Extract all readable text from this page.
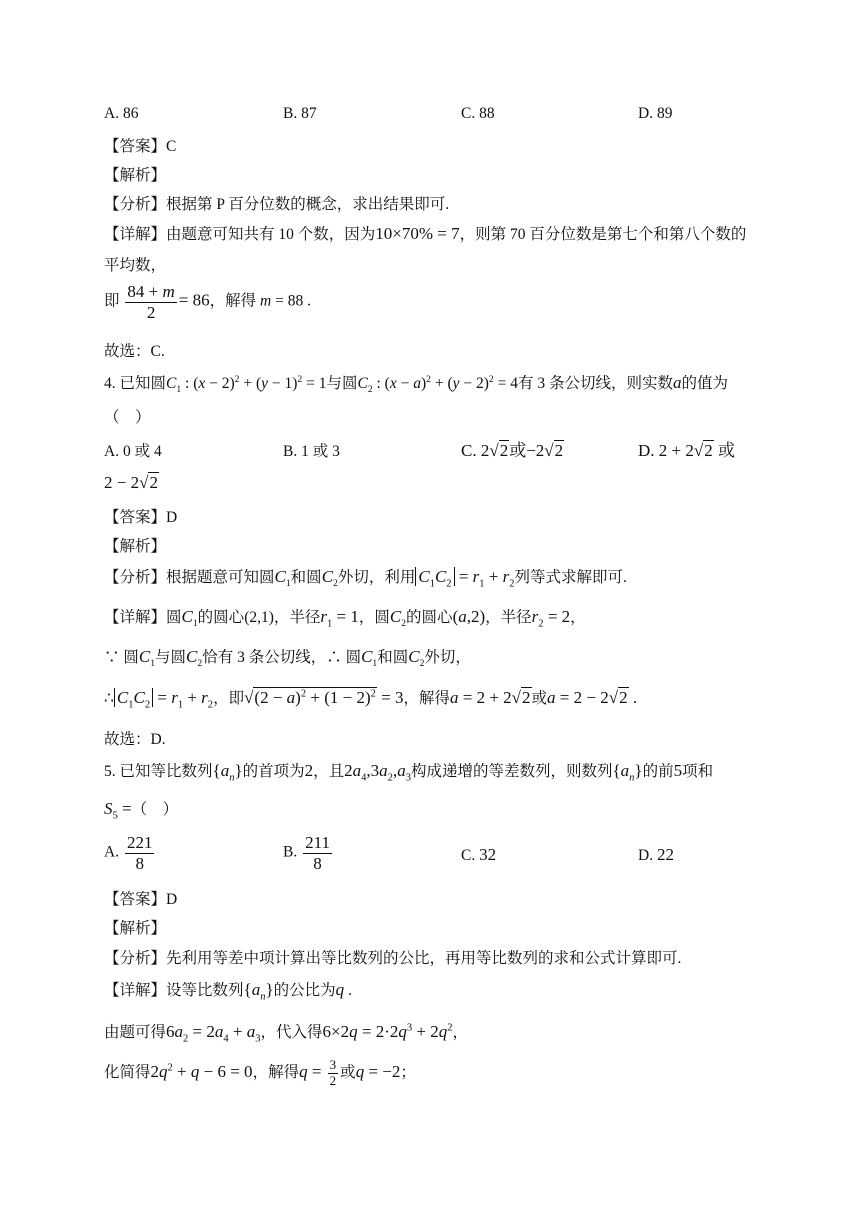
A. 86	B. 87	C. 88	D. 89
【答案】C
【解析】
【分析】根据第 P 百分位数的概念，求出结果即可.
【详解】由题意可知共有 10 个数，因为10×70% = 7，则第 70 百分位数是第七个和第八个数的
平均数，
即 $\frac{84 + m}{2} = 86$，解得 m = 88 .
故选：C.
4. 已知圆$C_1$ : $(x - 2)^2 + (y - 1)^2 = 1$与圆$C_2$ : $(x - a)^2 + (y - 2)^2 = 4$有 3 条公切线，则实数a的值为
（　）
A. 0 或 4	B. 1 或 3	C. 2√2或−2√2	D. 2 + 2√2 或
2 − 2√2
【答案】D
【解析】
【分析】根据题意可知圆$C_1$和圆$C_2$外切，利用 $C_1C_2 = r_1 + r_2$列等式求解即可.
【详解】圆$C_1$的圆心(2,1)，半径$r_1 = 1$，圆$C_2$的圆心(a,2)，半径$r_2 = 2$，
∵ 圆$C_1$与圆$C_2$恰有 3 条公切线，∴ 圆$C_1$和圆$C_2$外切，
∴ $C_1C_2 = r_1 + r_2$，即$√(2 - a)^2 + (1 - 2)^2 = 3$，解得a = 2 + 2√2或a = 2 − 2√2 .
故选：D.
5. 已知等比数列$\{a_n\}$的首项为2，且$2a_4,3a_2,a_3$构成递增的等差数列，则数列$\{a_n\}$的前5项和
$S_5$ =（　）
A. $\frac{221}{8}$	B. $\frac{211}{8}$	C. 32	D. 22
【答案】D
【解析】
【分析】先利用等差中项计算出等比数列的公比，再用等比数列的求和公式计算即可.
【详解】设等比数列$\{a_n\}$的公比为q .
由题可得$6a_2 = 2a_4 + a_3$，代入得$6\times 2q = 2\cdot 2q^3 + 2q^2$，
化简得$2q^2 + q - 6 = 0$，解得$q = \frac{3}{2}$ 或q = −2；
